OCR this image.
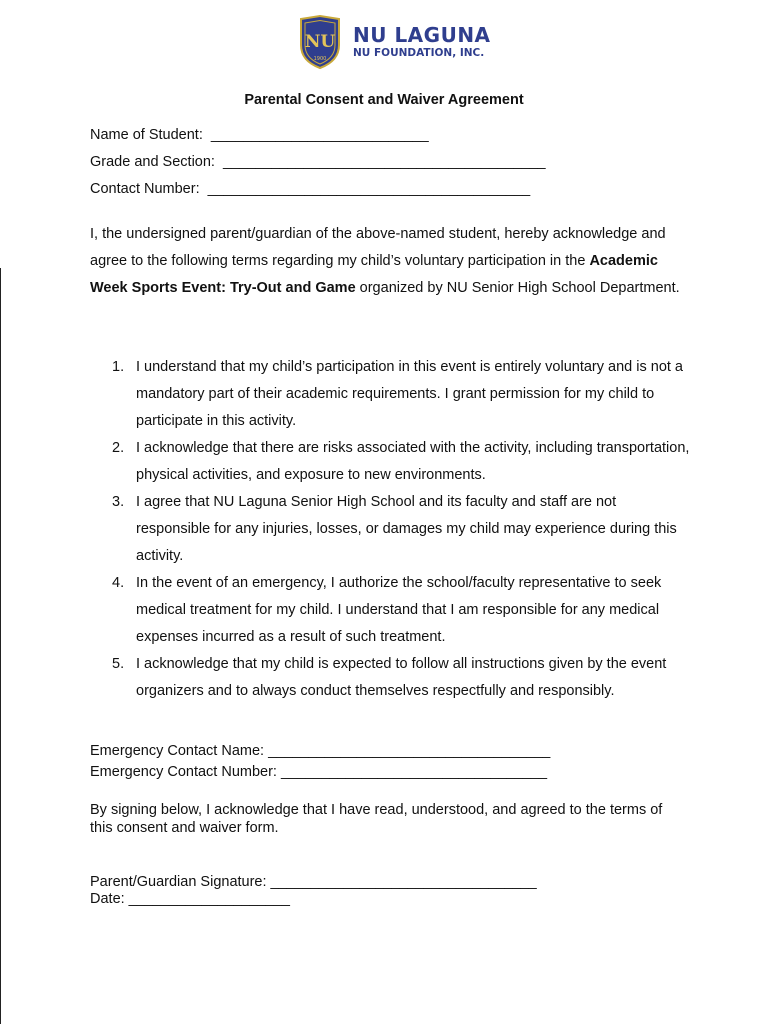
NU
1900
NU LAGUNA
NU FOUNDATION, INC.
Parental Consent and Waiver Agreement
Name of Student:  ___________________________
Grade and Section:  ________________________________________
Contact Number:  ________________________________________
I, the undersigned parent/guardian of the above-named student, hereby acknowledge and agree to the following terms regarding my child’s voluntary participation in the Academic Week Sports Event: Try-Out and Game organized by NU Senior High School Department.
1. I understand that my child’s participation in this event is entirely voluntary and is not a mandatory part of their academic requirements. I grant permission for my child to participate in this activity.
2. I acknowledge that there are risks associated with the activity, including transportation, physical activities, and exposure to new environments.
3. I agree that NU Laguna Senior High School and its faculty and staff are not responsible for any injuries, losses, or damages my child may experience during this activity.
4. In the event of an emergency, I authorize the school/faculty representative to seek medical treatment for my child. I understand that I am responsible for any medical expenses incurred as a result of such treatment.
5. I acknowledge that my child is expected to follow all instructions given by the event organizers and to always conduct themselves respectfully and responsibly.
Emergency Contact Name: ___________________________________
Emergency Contact Number: _________________________________
By signing below, I acknowledge that I have read, understood, and agreed to the terms of this consent and waiver form.
Parent/Guardian Signature: _________________________________
Date: ____________________
